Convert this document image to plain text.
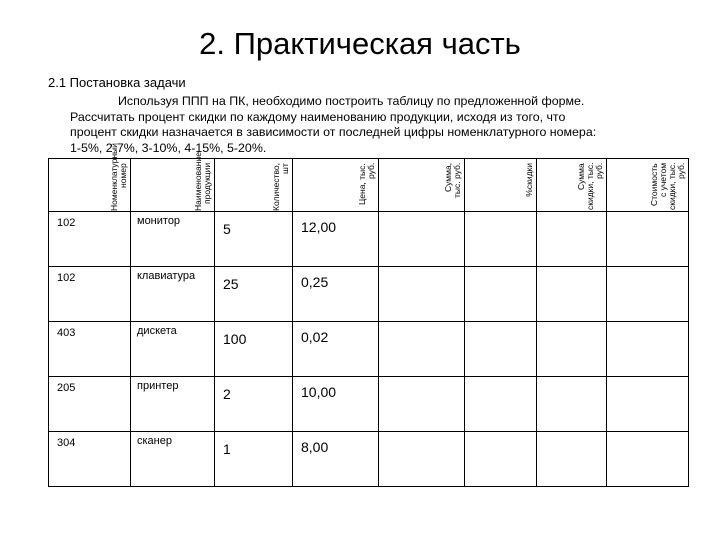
2. Практическая часть

2.1 Постановка задачи

Используя ППП на ПК, необходимо построить таблицу по предложенной форме.
Рассчитать процент скидки по каждому наименованию продукции, исходя из того, что
процент скидки назначается в зависимости от последней цифры номенклатурного номера:
1-5%, 2-7%, 3-10%, 4-15%, 5-20%.

Номенклатурный номер	Наименование продукции	Количество, шт	Цена, тыс. руб.	Сумма, тыс. руб.	%скидки	Сумма скидки, тыс. руб.	Стоимость с учетом скидки, тыс. руб.

102	монитор	5	12,00				

102	клавиатура	25	0,25				

403	дискета	100	0,02				

205	принтер	2	10,00				

304	сканер	1	8,00				
